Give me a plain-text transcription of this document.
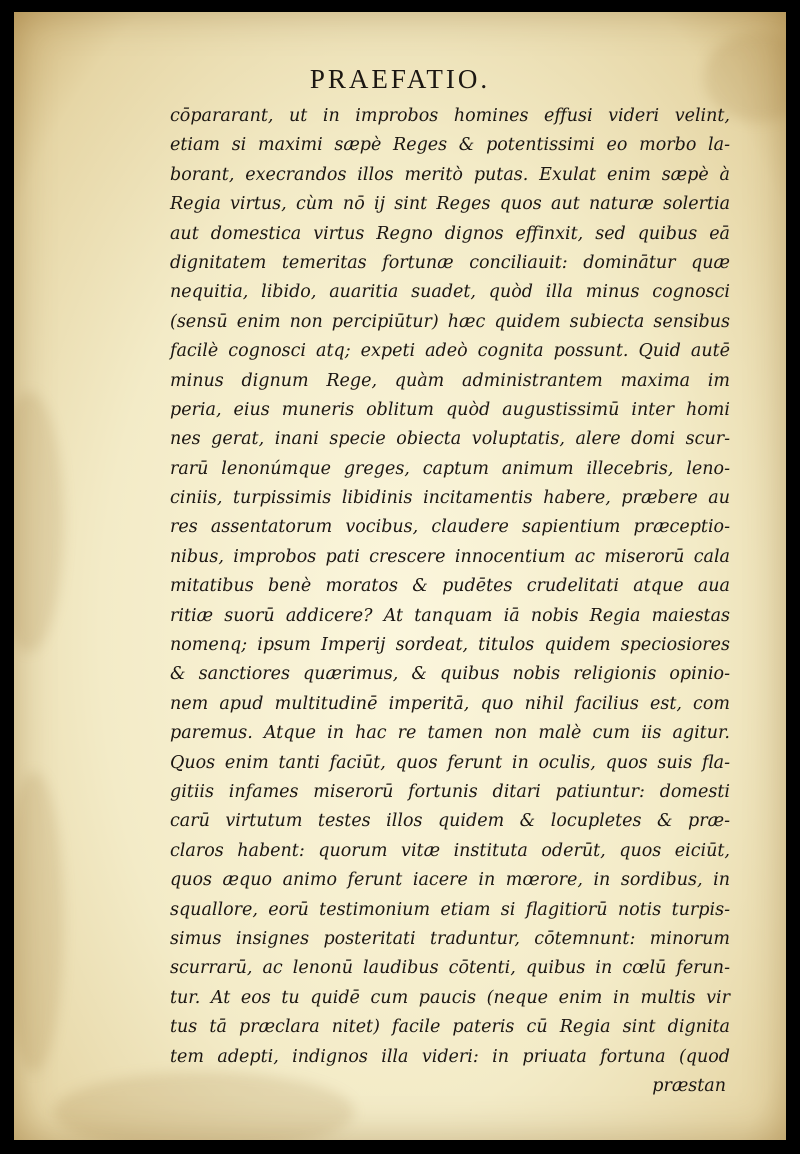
PRAEFATIO.
cōpararant, ut in improbos homines effusi videri velint,
etiam si maximi sæpè Reges & potentissimi eo morbo la-
borant, execrandos illos meritò putas. Exulat enim sæpè à
Regia virtus, cùm nō ij sint Reges quos aut naturæ solertia
aut domestica virtus Regno dignos effinxit, sed quibus eā
dignitatem temeritas fortunæ conciliauit: dominātur quæ
nequitia, libido, auaritia suadet, quòd illa minus cognosci
(sensū enim non percipiūtur) hæc quidem subiecta sensibus
facilè cognosci atq; expeti adeò cognita possunt. Quid autē
minus dignum Rege, quàm administrantem maxima im
peria, eius muneris oblitum quòd augustissimū inter homi
nes gerat, inani specie obiecta voluptatis, alere domi scur-
rarū lenonúmque greges, captum animum illecebris, leno-
ciniis, turpissimis libidinis incitamentis habere, præbere au
res assentatorum vocibus, claudere sapientium præceptio-
nibus, improbos pati crescere innocentium ac miserorū cala
mitatibus benè moratos & pudētes crudelitati atque aua
ritiæ suorū addicere? At tanquam iā nobis Regia maiestas
nomenq; ipsum Imperij sordeat, titulos quidem speciosiores
& sanctiores quærimus, & quibus nobis religionis opinio-
nem apud multitudinē imperitā, quo nihil facilius est, com
paremus. Atque in hac re tamen non malè cum iis agitur.
Quos enim tanti faciūt, quos ferunt in oculis, quos suis fla-
gitiis infames miserorū fortunis ditari patiuntur: domesti
carū virtutum testes illos quidem & locupletes & præ-
claros habent: quorum vitæ instituta oderūt, quos eiciūt,
quos æquo animo ferunt iacere in mœrore, in sordibus, in
squallore, eorū testimonium etiam si flagitiorū notis turpis-
simus insignes posteritati traduntur, cōtemnunt: minorum
scurrarū, ac lenonū laudibus cōtenti, quibus in cœlū ferun-
tur. At eos tu quidē cum paucis (neque enim in multis vir
tus tā præclara nitet) facile pateris cū Regia sint dignita
tem adepti, indignos illa videri: in priuata fortuna (quod
præstan
